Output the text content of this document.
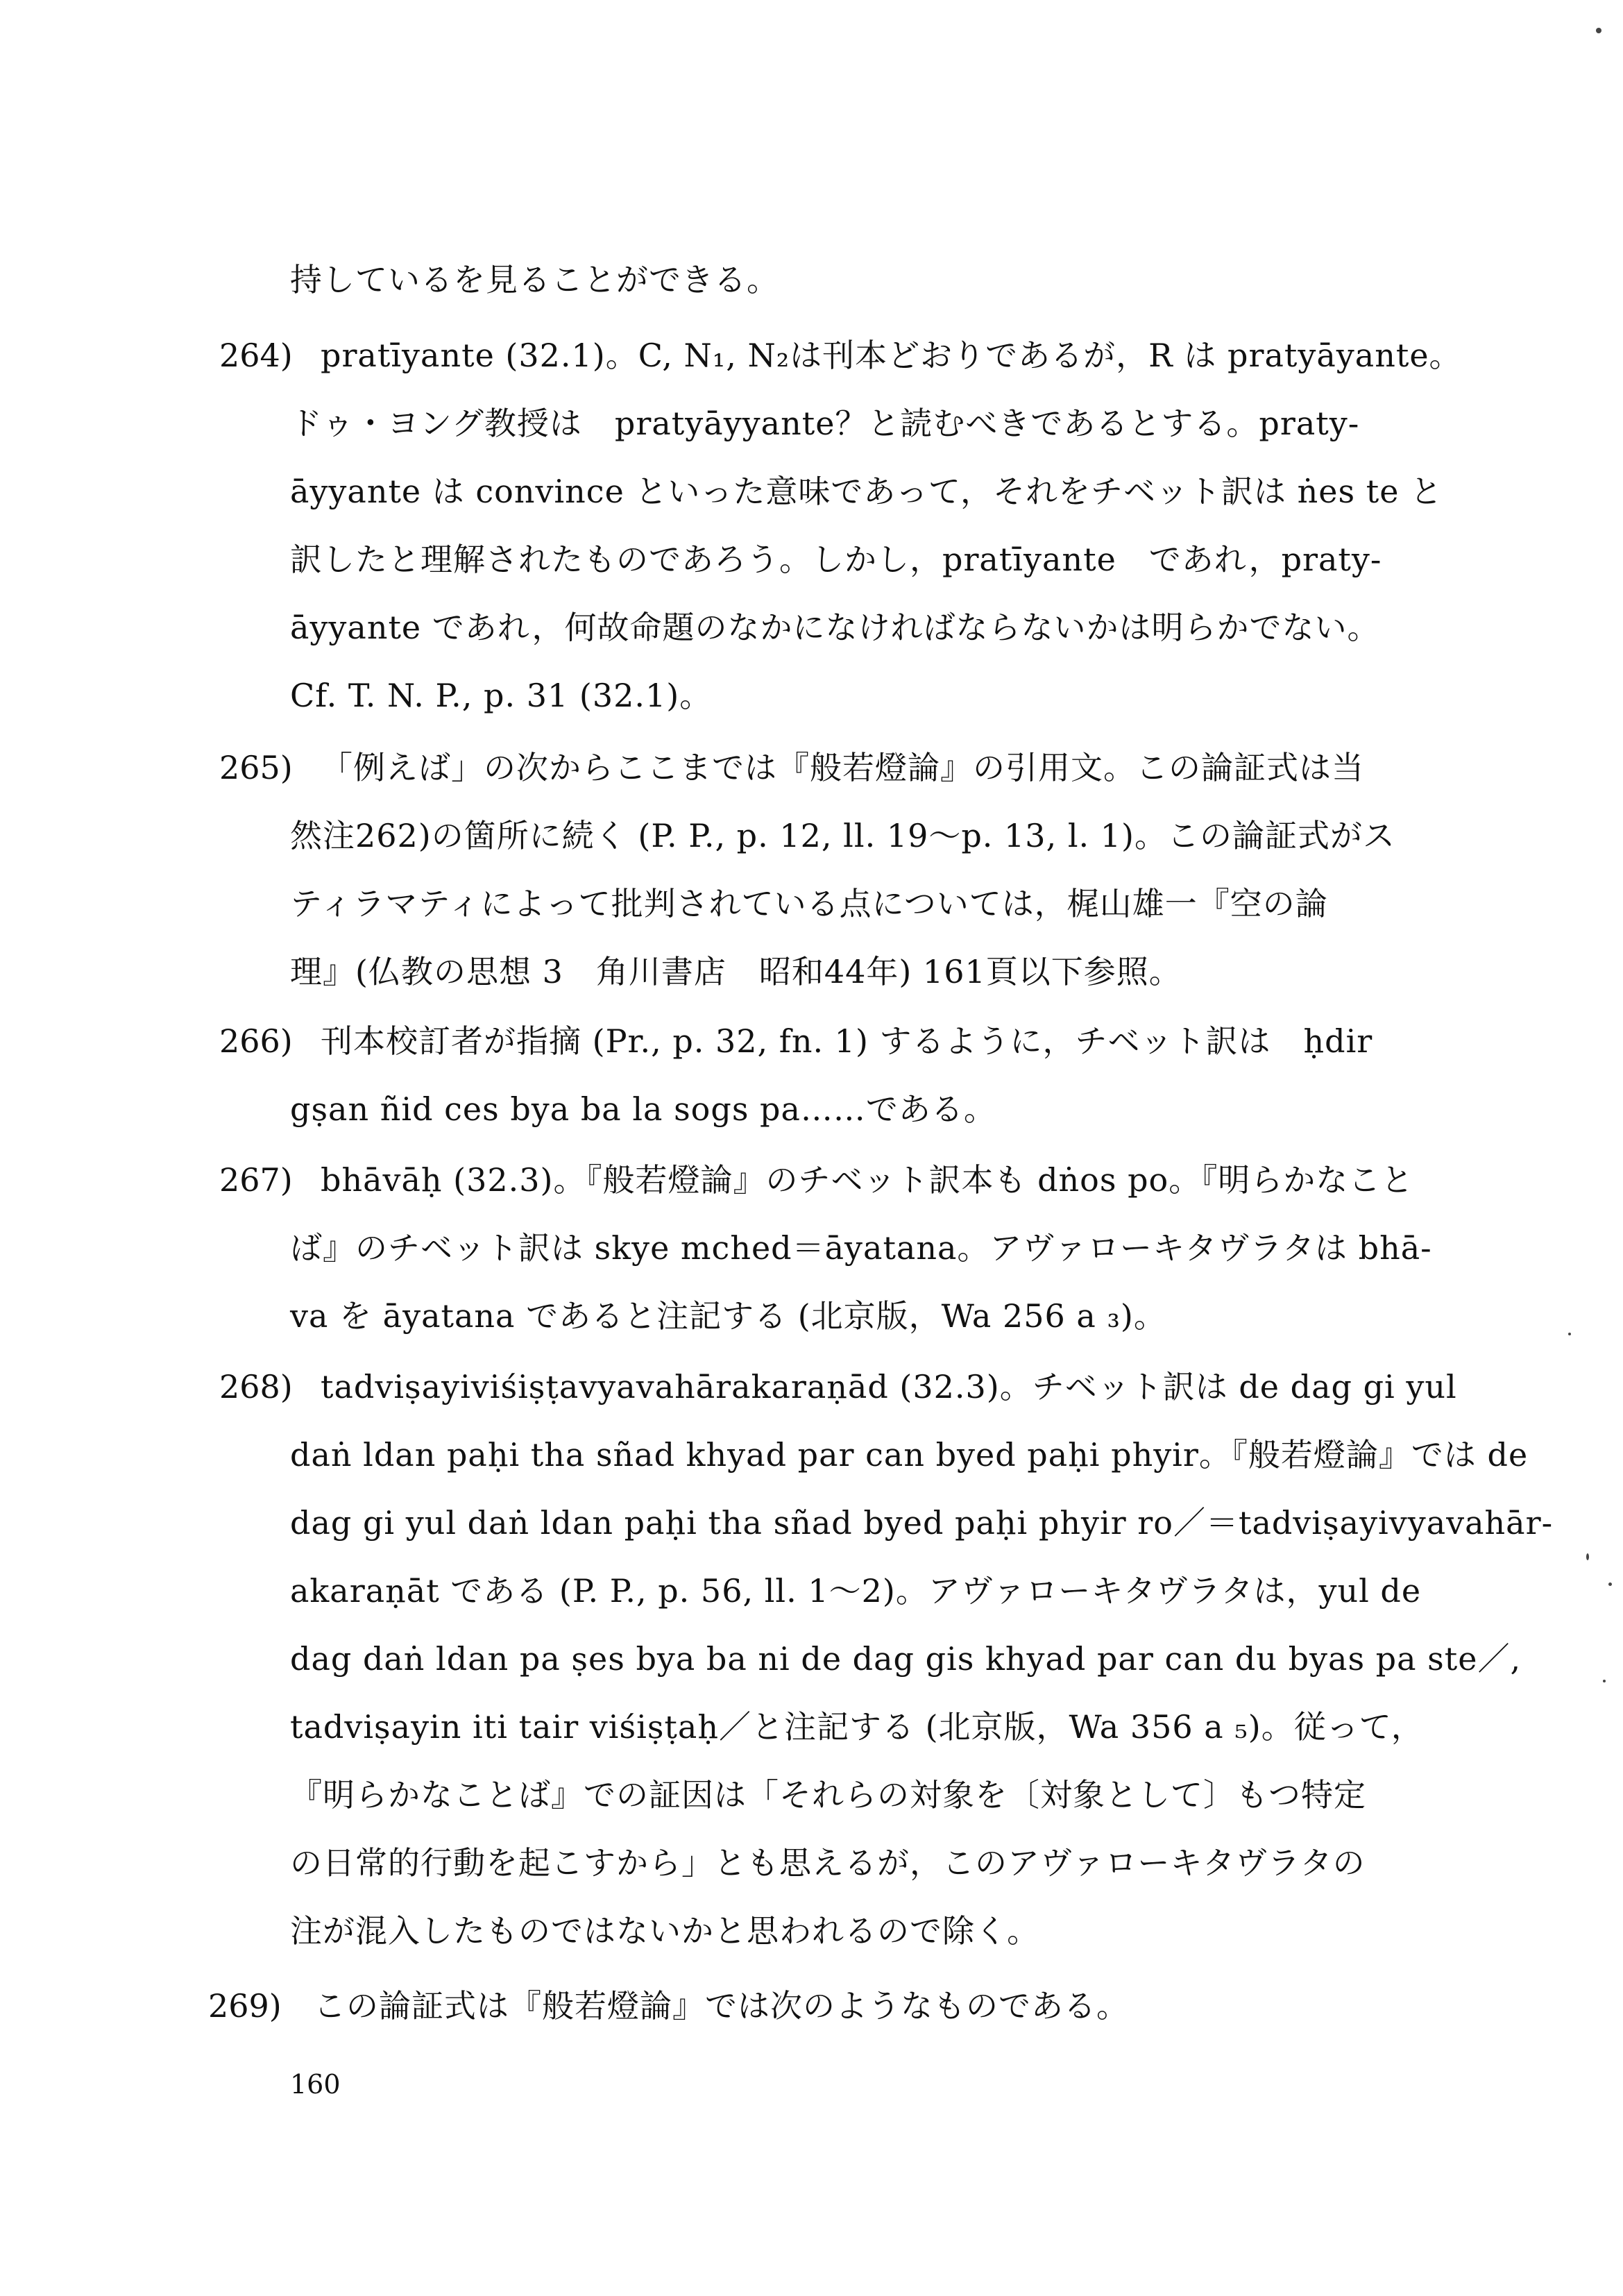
持しているを見ることができる。
264) pratīyante (32.1)。C, N₁, N₂は刊本どおりであるが，R は pratyāyante。
ドゥ・ヨング教授は　pratyāyyante？と読むべきであるとする。praty-
āyyante は convince といった意味であって，それをチベット訳は ṅes te と
訳したと理解されたものであろう。しかし，pratīyante　であれ，praty-
āyyante であれ，何故命題のなかになければならないかは明らかでない。
Cf. T. N. P., p. 31 (32.1)。
265) 「例えば」の次からここまでは『般若燈論』の引用文。この論証式は当
然注262)の箇所に続く (P. P., p. 12, ll. 19～p. 13, l. 1)。この論証式がス
ティラマティによって批判されている点については，梶山雄一『空の論
理』(仏教の思想 3　角川書店　昭和44年) 161頁以下参照。
266) 刊本校訂者が指摘 (Pr., p. 32, fn. 1) するように，チベット訳は　ḥdir
gṣan ñid ces bya ba la sogs pa……である。
267) bhāvāḥ (32.3)。『般若燈論』のチベット訳本も dṅos po。『明らかなこと
ば』のチベット訳は skye mched＝āyatana。アヴァローキタヴラタは bhā-
va を āyatana であると注記する (北京版，Wa 256 a ₃)。
268) tadviṣayiviśiṣṭavyavahārakaraṇād (32.3)。チベット訳は de dag gi yul
daṅ ldan paḥi tha sñad khyad par can byed paḥi phyir。『般若燈論』では de
dag gi yul daṅ ldan paḥi tha sñad byed paḥi phyir ro／＝tadviṣayivyavahār-
akaraṇāt である (P. P., p. 56, ll. 1～2)。アヴァローキタヴラタは，yul de
dag daṅ ldan pa ṣes bya ba ni de dag gis khyad par can du byas pa ste／,
tadviṣayin iti tair viśiṣṭaḥ／と注記する (北京版，Wa 356 a ₅)。従って，
『明らかなことば』での証因は「それらの対象を〔対象として〕もつ特定
の日常的行動を起こすから」とも思えるが，このアヴァローキタヴラタの
注が混入したものではないかと思われるので除く。
269) この論証式は『般若燈論』では次のようなものである。
160
